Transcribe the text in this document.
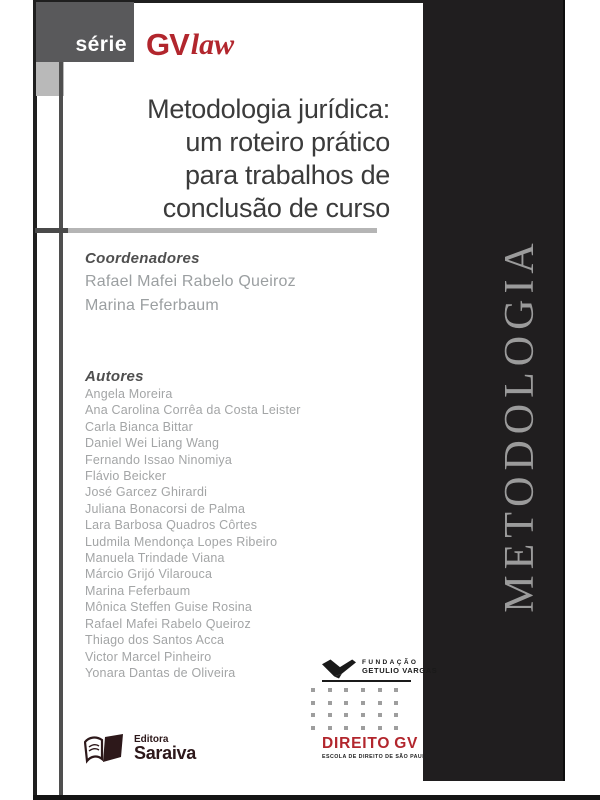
série GV law
METODOLOGIA
Metodologia jurídica:
um roteiro prático
para trabalhos de
conclusão de curso
Coordenadores
Rafael Mafei Rabelo Queiroz
Marina Feferbaum
Autores
Angela Moreira
Ana Carolina Corrêa da Costa Leister
Carla Bianca Bittar
Daniel Wei Liang Wang
Fernando Issao Ninomiya
Flávio Beicker
José Garcez Ghirardi
Juliana Bonacorsi de Palma
Lara Barbosa Quadros Côrtes
Ludmila Mendonça Lopes Ribeiro
Manuela Trindade Viana
Márcio Grijó Vilarouca
Marina Feferbaum
Mônica Steffen Guise Rosina
Rafael Mafei Rabelo Queiroz
Thiago dos Santos Acca
Victor Marcel Pinheiro
Yonara Dantas de Oliveira
Editora
Saraiva
FUNDAÇÃO
GETULIO VARGAS
DIREITO GV
ESCOLA DE DIREITO DE SÃO PAULO
